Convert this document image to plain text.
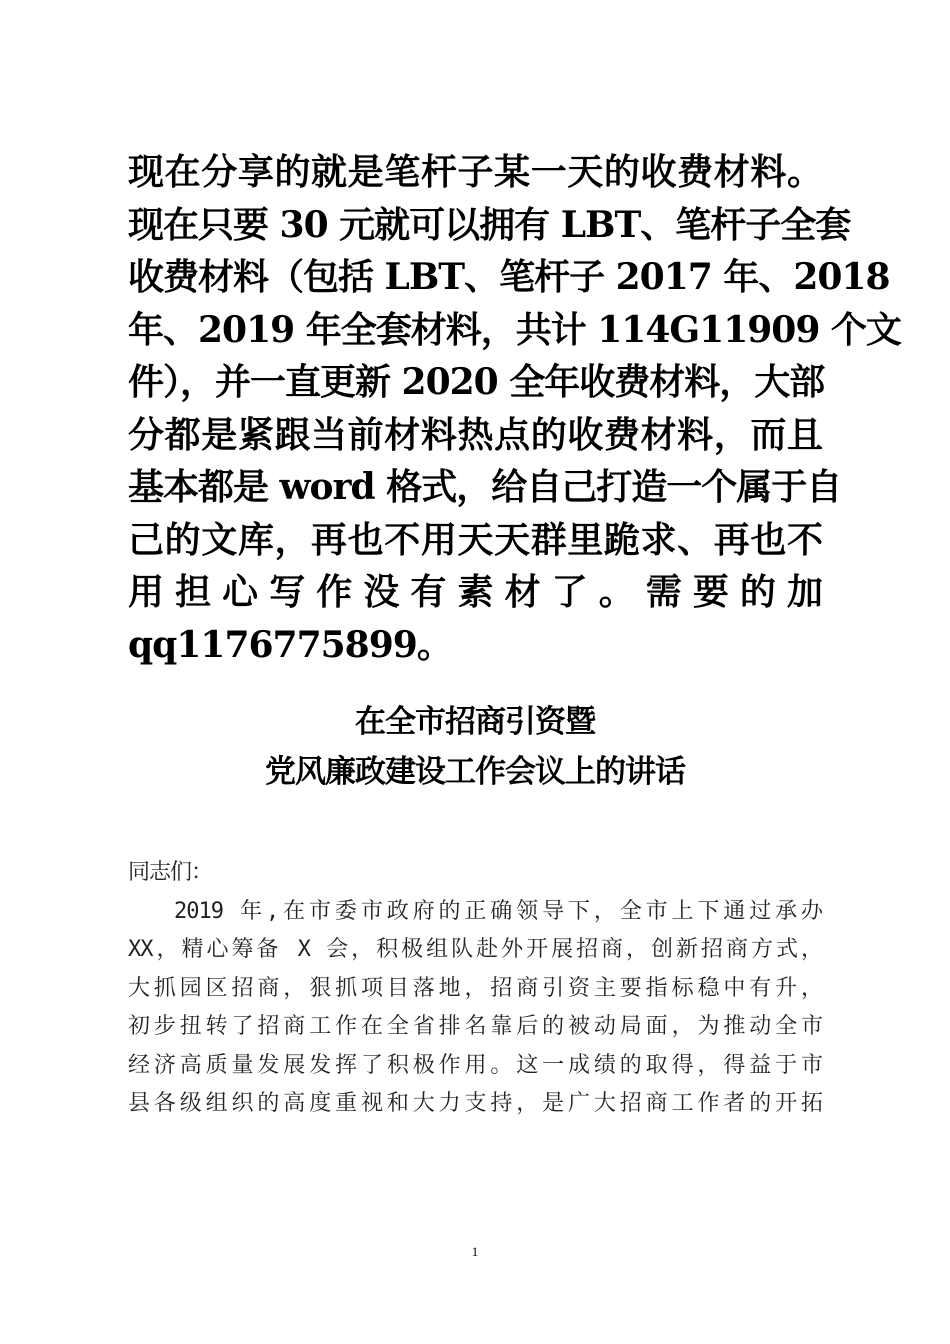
现在分享的就是笔杆子某一天的收费材料。
现在只要 30 元就可以拥有 LBT、笔杆子全套
收费材料（包括 LBT、笔杆子 2017 年、2018
年、2019 年全套材料，共计 114G11909 个文
件），并一直更新 2020 全年收费材料，大部
分都是紧跟当前材料热点的收费材料，而且
基本都是 word 格式，给自己打造一个属于自
己的文库，再也不用天天群里跪求、再也不
用担心写作没有素材了。需要的加
qq1176775899。
在全市招商引资暨
党风廉政建设工作会议上的讲话
同志们：
2019 年,在市委市政府的正确领导下，全市上下通过承办
XX，精心筹备 X 会，积极组队赴外开展招商，创新招商方式，
大抓园区招商，狠抓项目落地，招商引资主要指标稳中有升，
初步扭转了招商工作在全省排名靠后的被动局面，为推动全市
经济高质量发展发挥了积极作用。这一成绩的取得，得益于市
县各级组织的高度重视和大力支持，是广大招商工作者的开拓
1
